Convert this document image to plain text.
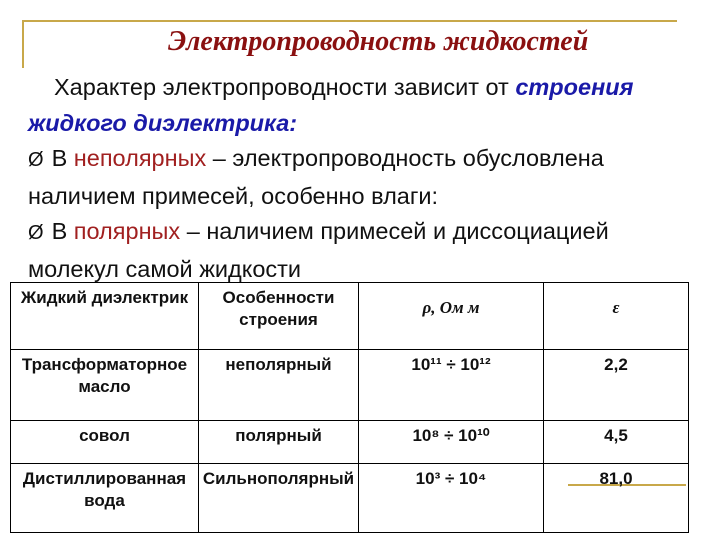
Электропроводность жидкостей

Характер электропроводности зависит от строения

жидкого диэлектрика:

Ø В неполярных – электропроводность обусловлена

наличием примесей, особенно влаги:

Ø В полярных – наличием примесей и диссоциацией

молекул самой жидкости

Жидкий диэлектрик	Особенности строения	ρ, Ом м	ε
Трансформаторное масло	неполярный	10¹¹ ÷ 10¹²	2,2
совол	полярный	10⁸ ÷ 10¹⁰	4,5
Дистиллированная вода	Сильнополярный	10³ ÷ 10⁴	81,0
